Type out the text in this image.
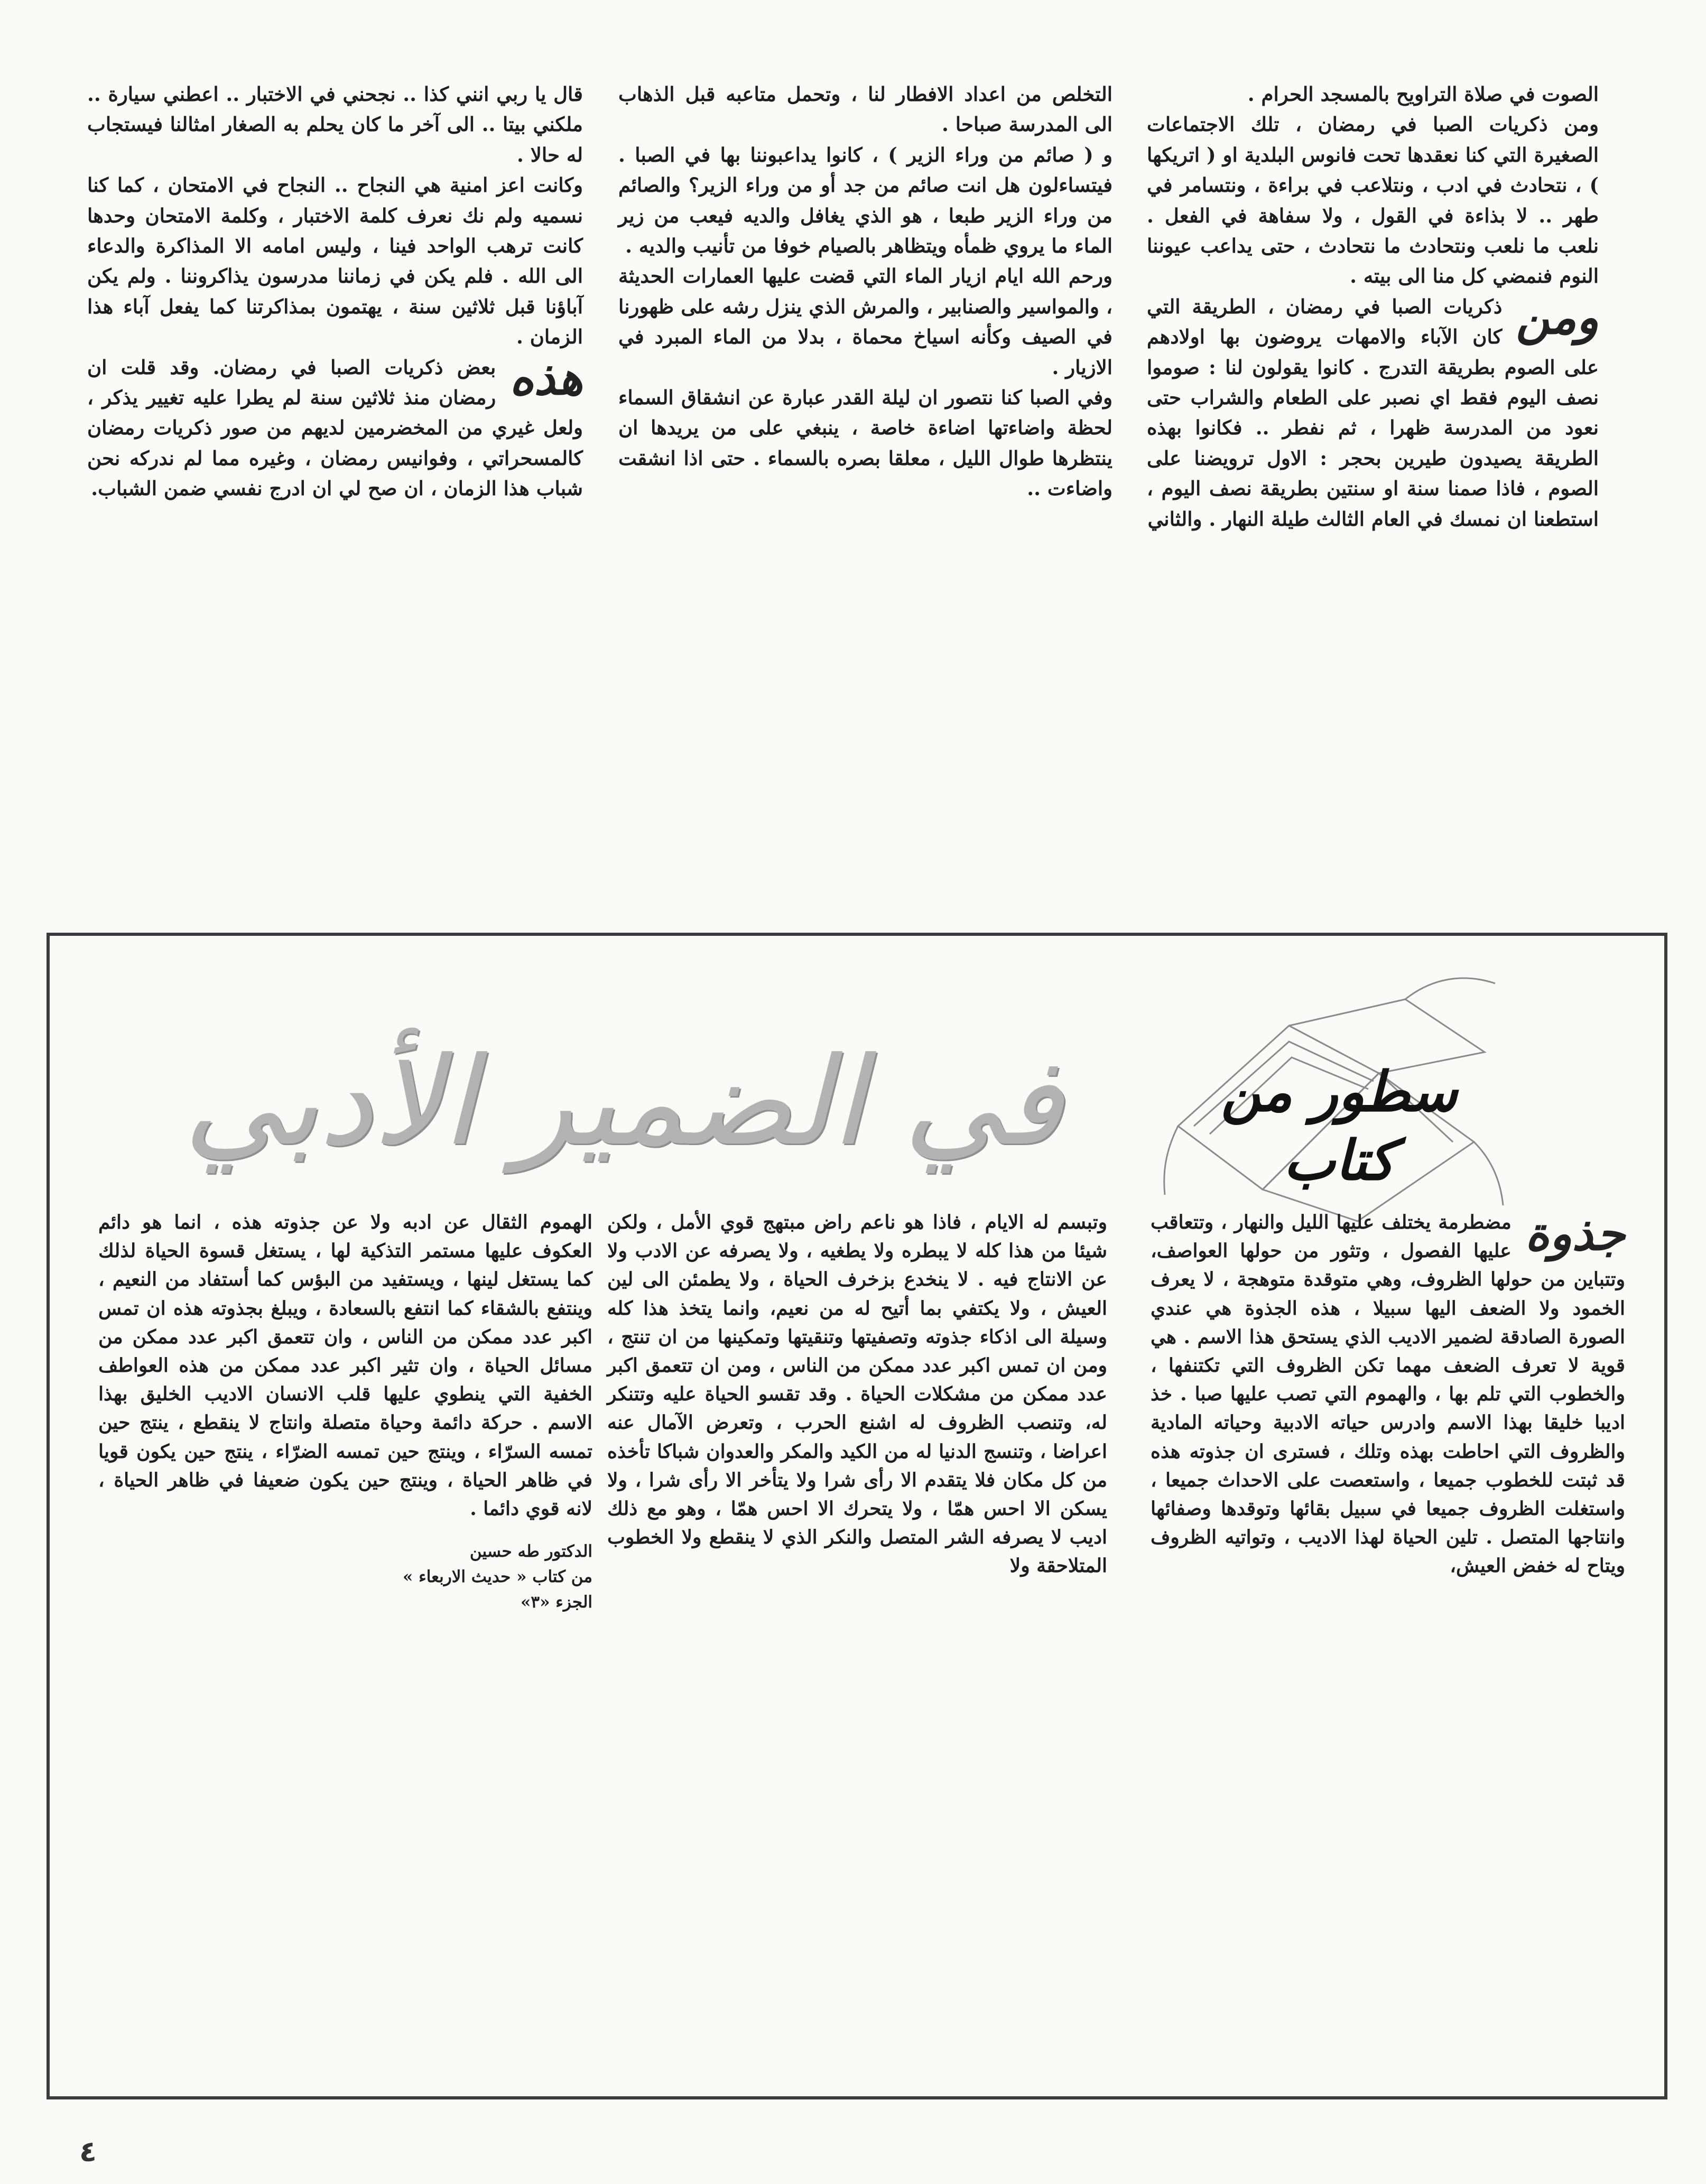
الصوت في صلاة التراويح بالمسجد الحرام .

ومن ذكريات الصبا في رمضان ، تلك الاجتماعات الصغيرة التي كنا نعقدها تحت فانوس البلدية او ( اتريكها ) ، نتحادث في ادب ، ونتلاعب في براءة ، ونتسامر في طهر .. لا بذاءة في القول ، ولا سفاهة في الفعل . نلعب ما نلعب ونتحادث ما نتحادث ، حتى يداعب عيوننا النوم فنمضي كل منا الى بيته .

ومن
ذكريات الصبا في رمضان ، الطريقة التي كان الآباء والامهات يروضون بها اولادهم على الصوم بطريقة التدرج . كانوا يقولون لنا : صوموا نصف اليوم فقط اي نصبر على الطعام والشراب حتى نعود من المدرسة ظهرا ، ثم نفطر .. فكانوا بهذه الطريقة يصيدون طيرين بحجر : الاول ترويضنا على الصوم ، فاذا صمنا سنة او سنتين بطريقة نصف اليوم ، استطعنا ان نمسك في العام الثالث طيلة النهار . والثاني

التخلص من اعداد الافطار لنا ، وتحمل متاعبه قبل الذهاب الى المدرسة صباحا .

و ( صائم من وراء الزير ) ، كانوا يداعبوننا بها في الصبا . فيتساءلون هل انت صائم من جد أو من وراء الزير؟ والصائم من وراء الزير طبعا ، هو الذي يغافل والديه فيعب من زير الماء ما يروي ظمأه ويتظاهر بالصيام خوفا من تأنيب والديه .

ورحم الله ايام ازيار الماء التي قضت عليها العمارات الحديثة ، والمواسير والصنابير ، والمرش الذي ينزل رشه على ظهورنا في الصيف وكأنه اسياخ محماة ، بدلا من الماء المبرد في الازيار .

وفي الصبا كنا نتصور ان ليلة القدر عبارة عن انشقاق السماء لحظة واضاءتها اضاءة خاصة ، ينبغي على من يريدها ان ينتظرها طوال الليل ، معلقا بصره بالسماء . حتى اذا انشقت واضاءت ..

قال يا ربي انني كذا .. نجحني في الاختبار .. اعطني سيارة .. ملكني بيتا .. الى آخر ما كان يحلم به الصغار امثالنا فيستجاب له حالا .

وكانت اعز امنية هي النجاح .. النجاح في الامتحان ، كما كنا نسميه ولم نك نعرف كلمة الاختبار ، وكلمة الامتحان وحدها كانت ترهب الواحد فينا ، وليس امامه الا المذاكرة والدعاء الى الله . فلم يكن في زماننا مدرسون يذاكروننا . ولم يكن آباؤنا قبل ثلاثين سنة ، يهتمون بمذاكرتنا كما يفعل آباء هذا الزمان .

هذه
بعض ذكريات الصبا في رمضان. وقد قلت ان رمضان منذ ثلاثين سنة لم يطرا عليه تغيير يذكر ، ولعل غيري من المخضرمين لديهم من صور ذكريات رمضان كالمسحراتي ، وفوانيس رمضان ، وغيره مما لم ندركه نحن شباب هذا الزمان ، ان صح لي ان ادرج نفسي ضمن الشباب.

سطور من كتاب
في الضمير الأدبي

جذوة
مضطرمة يختلف عليها الليل والنهار ، وتتعاقب عليها الفصول ، وتثور من حولها العواصف، وتتباين من حولها الظروف، وهي متوقدة متوهجة ، لا يعرف الخمود ولا الضعف اليها سبيلا ، هذه الجذوة هي عندي الصورة الصادقة لضمير الاديب الذي يستحق هذا الاسم . هي قوية لا تعرف الضعف مهما تكن الظروف التي تكتنفها ، والخطوب التي تلم بها ، والهموم التي تصب عليها صبا . خذ اديبا خليقا بهذا الاسم وادرس حياته الادبية وحياته المادية والظروف التي احاطت بهذه وتلك ، فسترى ان جذوته هذه قد ثبتت للخطوب جميعا ، واستعصت على الاحداث جميعا ، واستغلت الظروف جميعا في سبيل بقائها وتوقدها وصفائها وانتاجها المتصل . تلين الحياة لهذا الاديب ، وتواتيه الظروف ويتاح له خفض العيش،

وتبسم له الايام ، فاذا هو ناعم راض مبتهج قوي الأمل ، ولكن شيئا من هذا كله لا يبطره ولا يطغيه ، ولا يصرفه عن الادب ولا عن الانتاج فيه . لا ينخدع بزخرف الحياة ، ولا يطمئن الى لين العيش ، ولا يكتفي بما أتيح له من نعيم، وانما يتخذ هذا كله وسيلة الى اذكاء جذوته وتصفيتها وتنقيتها وتمكينها من ان تنتج ، ومن ان تمس اكبر عدد ممكن من الناس ، ومن ان تتعمق اكبر عدد ممكن من مشكلات الحياة . وقد تقسو الحياة عليه وتتنكر له، وتنصب الظروف له اشنع الحرب ، وتعرض الآمال عنه اعراضا ، وتنسج الدنيا له من الكيد والمكر والعدوان شباكا تأخذه من كل مكان فلا يتقدم الا رأى شرا ولا يتأخر الا رأى شرا ، ولا يسكن الا احس همّا ، ولا يتحرك الا احس همّا ، وهو مع ذلك اديب لا يصرفه الشر المتصل والنكر الذي لا ينقطع ولا الخطوب المتلاحقة ولا

الهموم الثقال عن ادبه ولا عن جذوته هذه ، انما هو دائم العكوف عليها مستمر التذكية لها ، يستغل قسوة الحياة لذلك كما يستغل لينها ، ويستفيد من البؤس كما أستفاد من النعيم ، وينتفع بالشقاء كما انتفع بالسعادة ، ويبلغ بجذوته هذه ان تمس اكبر عدد ممكن من الناس ، وان تتعمق اكبر عدد ممكن من مسائل الحياة ، وان تثير اكبر عدد ممكن من هذه العواطف الخفية التي ينطوي عليها قلب الانسان الاديب الخليق بهذا الاسم . حركة دائمة وحياة متصلة وانتاج لا ينقطع ، ينتج حين تمسه السرّاء ، وينتج حين تمسه الضرّاء ، ينتج حين يكون قويا في ظاهر الحياة ، وينتج حين يكون ضعيفا في ظاهر الحياة ، لانه قوي دائما .

الدكتور طه حسين
من كتاب « حديث الاربعاء »
الجزء «٣»
٤
